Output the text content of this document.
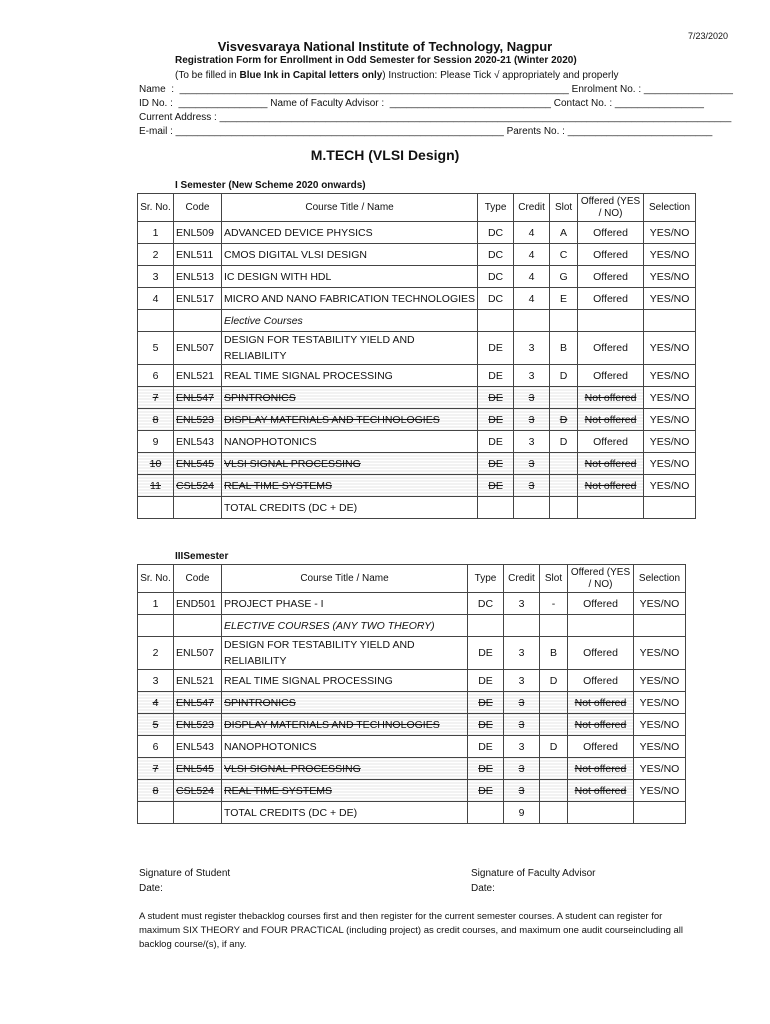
7/23/2020
Visvesvaraya National Institute of Technology, Nagpur
Registration Form for Enrollment in Odd Semester for Session 2020-21 (Winter 2020)
(To be filled in Blue Ink in Capital letters only) Instruction: Please Tick √ appropriately and properly
Name  :  ______________________________________________________________________ Enrolment No. : ________________
ID No. :  ________________ Name of Faculty Advisor :  _____________________________ Contact No. : ________________
Current Address : ____________________________________________________________________________________________
E-mail : ___________________________________________________________ Parents No. : __________________________
M.TECH (VLSI Design)
I Semester (New Scheme 2020 onwards)
Sr. No.	Code	Course Title / Name	Type	Credit	Slot	Offered (YES / NO)	Selection
1	ENL509	ADVANCED DEVICE PHYSICS	DC	4	A	Offered	YES/NO
2	ENL511	CMOS DIGITAL VLSI DESIGN	DC	4	C	Offered	YES/NO
3	ENL513	IC DESIGN WITH HDL	DC	4	G	Offered	YES/NO
4	ENL517	MICRO AND NANO FABRICATION TECHNOLOGIES	DC	4	E	Offered	YES/NO
		Elective Courses					
5	ENL507	DESIGN FOR TESTABILITY YIELD AND RELIABILITY	DE	3	B	Offered	YES/NO
6	ENL521	REAL TIME SIGNAL PROCESSING	DE	3	D	Offered	YES/NO
7	ENL547	SPINTRONICS	DE	3		Not offered	YES/NO
8	ENL523	DISPLAY MATERIALS AND TECHNOLOGIES	DE	3	D	Not offered	YES/NO
9	ENL543	NANOPHOTONICS	DE	3	D	Offered	YES/NO
10	ENL545	VLSI SIGNAL PROCESSING	DE	3		Not offered	YES/NO
11	CSL524	REAL TIME SYSTEMS	DE	3		Not offered	YES/NO
		TOTAL CREDITS (DC + DE)					
IIISemester
Sr. No.	Code	Course Title / Name	Type	Credit	Slot	Offered (YES / NO)	Selection
1	END501	PROJECT PHASE - I	DC	3	-	Offered	YES/NO
		ELECTIVE COURSES (ANY TWO THEORY)					
2	ENL507	DESIGN FOR TESTABILITY YIELD AND RELIABILITY	DE	3	B	Offered	YES/NO
3	ENL521	REAL TIME SIGNAL PROCESSING	DE	3	D	Offered	YES/NO
4	ENL547	SPINTRONICS	DE	3		Not offered	YES/NO
5	ENL523	DISPLAY MATERIALS AND TECHNOLOGIES	DE	3		Not offered	YES/NO
6	ENL543	NANOPHOTONICS	DE	3	D	Offered	YES/NO
7	ENL545	VLSI SIGNAL PROCESSING	DE	3		Not offered	YES/NO
8	CSL524	REAL TIME SYSTEMS	DE	3		Not offered	YES/NO
		TOTAL CREDITS (DC + DE)		9			
Signature of Student
Date:
Signature of Faculty Advisor
Date:
A student must register thebacklog courses first and then register for the current semester courses. A student can register for maximum SIX THEORY and FOUR PRACTICAL (including project) as credit courses, and maximum one audit courseincluding all backlog course/(s), if any.
